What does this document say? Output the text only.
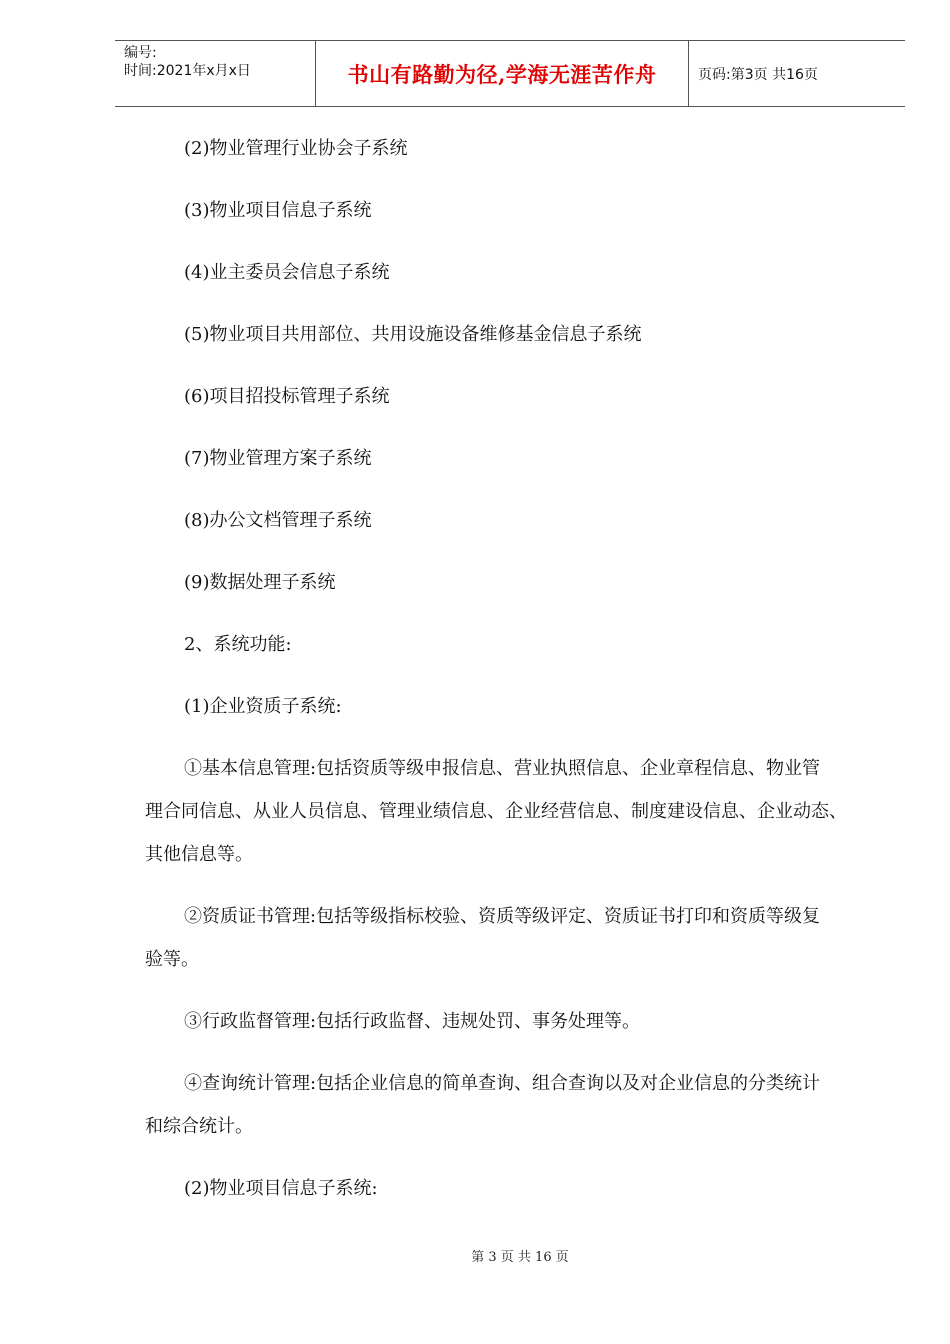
编号:
时间:2021年x月x日	书山有路勤为径,学海无涯苦作舟	页码:第3页 共16页
(2)物业管理行业协会子系统
(3)物业项目信息子系统
(4)业主委员会信息子系统
(5)物业项目共用部位、共用设施设备维修基金信息子系统
(6)项目招投标管理子系统
(7)物业管理方案子系统
(8)办公文档管理子系统
(9)数据处理子系统
2、系统功能:
(1)企业资质子系统:
①基本信息管理:包括资质等级申报信息、营业执照信息、企业章程信息、物业管
理合同信息、从业人员信息、管理业绩信息、企业经营信息、制度建设信息、企业动态、
其他信息等。
②资质证书管理:包括等级指标校验、资质等级评定、资质证书打印和资质等级复
验等。
③行政监督管理:包括行政监督、违规处罚、事务处理等。
④查询统计管理:包括企业信息的简单查询、组合查询以及对企业信息的分类统计
和综合统计。
(2)物业项目信息子系统:
第 3 页 共 16 页
